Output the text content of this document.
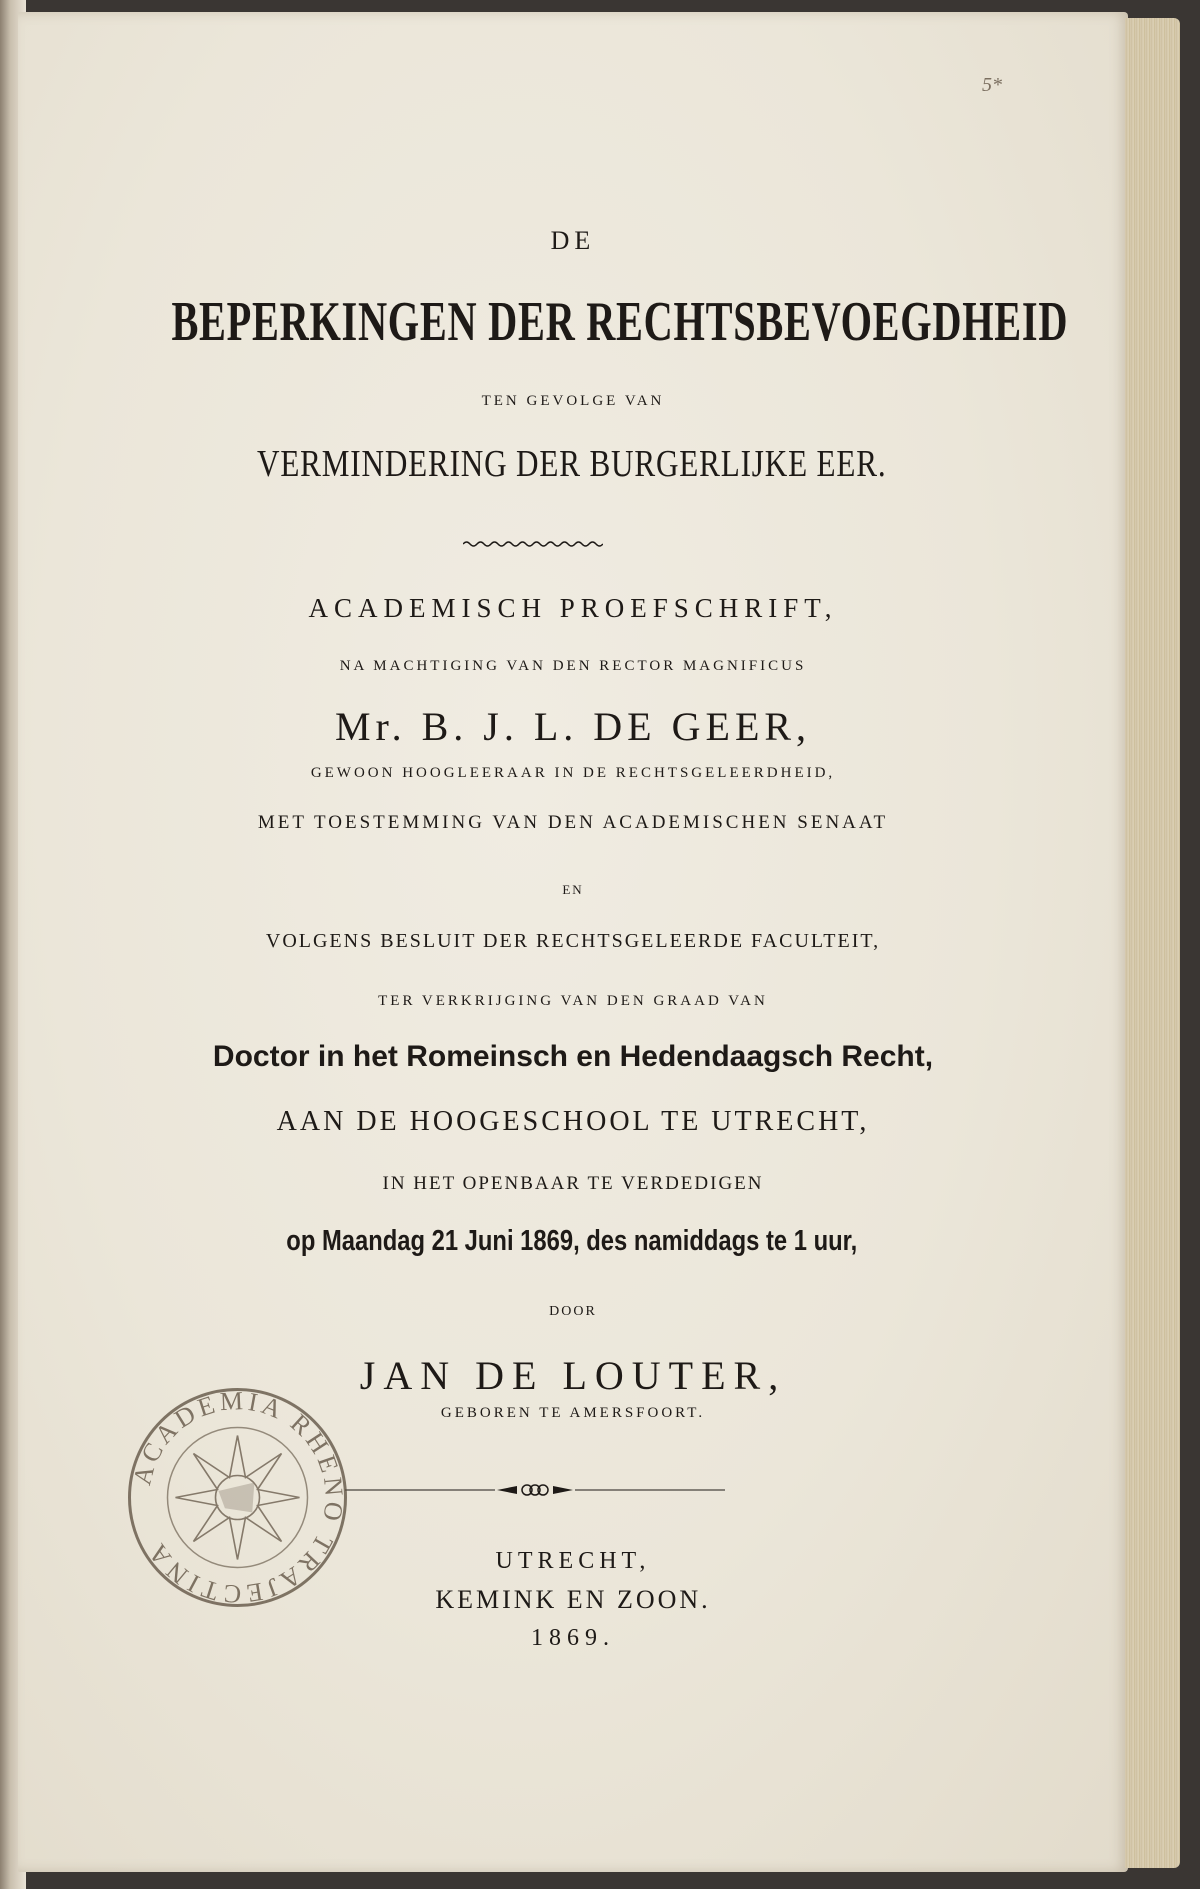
5*
DE
BEPERKINGEN DER RECHTSBEVOEGDHEID
TEN GEVOLGE VAN
VERMINDERING DER BURGERLIJKE EER.
ACADEMISCH PROEFSCHRIFT,
NA MACHTIGING VAN DEN RECTOR MAGNIFICUS
Mr. B. J. L. DE GEER,
GEWOON HOOGLEERAAR IN DE RECHTSGELEERDHEID,
MET TOESTEMMING VAN DEN ACADEMISCHEN SENAAT
EN
VOLGENS BESLUIT DER RECHTSGELEERDE FACULTEIT,
TER VERKRIJGING VAN DEN GRAAD VAN
Doctor in het Romeinsch en Hedendaagsch Recht,
AAN DE HOOGESCHOOL TE UTRECHT,
IN HET OPENBAAR TE VERDEDIGEN
op Maandag 21 Juni 1869, des namiddags te 1 uur,
DOOR
JAN DE LOUTER,
GEBOREN TE AMERSFOORT.
UTRECHT,
KEMINK EN ZOON.
1869.
ACADEMIA RHENO TRAJECTINA
